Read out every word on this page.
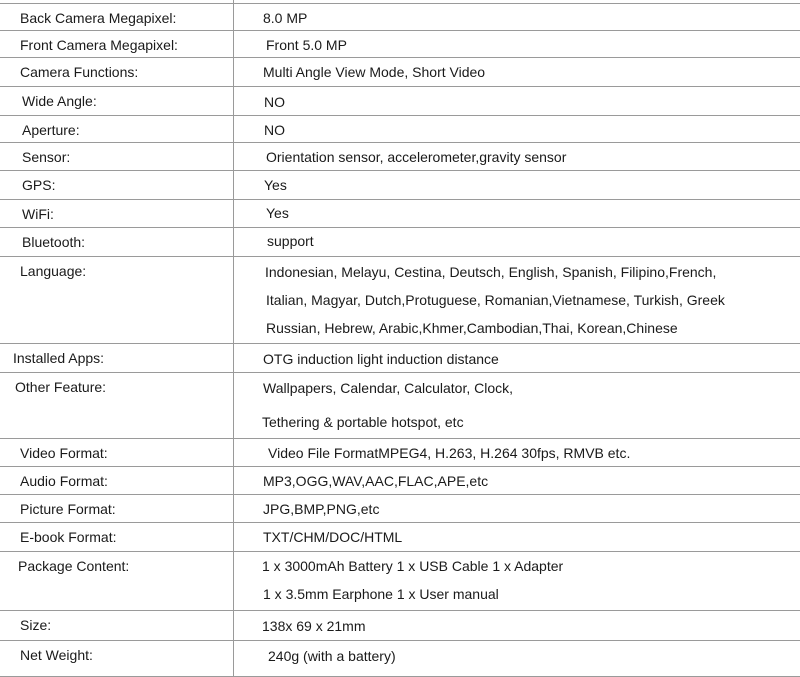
Back Camera Megapixel:	8.0 MP
Front Camera Megapixel:	Front 5.0 MP
Camera Functions:	Multi Angle View Mode, Short Video
Wide Angle:	NO
Aperture:	NO
Sensor:	Orientation sensor, accelerometer,gravity sensor
GPS:	Yes
WiFi:	Yes
Bluetooth:	support
Language:	Indonesian, Melayu, Cestina, Deutsch, English, Spanish, Filipino,French,
Italian, Magyar, Dutch,Protuguese, Romanian,Vietnamese, Turkish, Greek
Russian, Hebrew, Arabic,Khmer,Cambodian,Thai, Korean,Chinese
Installed Apps:	OTG induction light induction distance
Other Feature:	Wallpapers, Calendar, Calculator, Clock,
Tethering & portable hotspot, etc
Video Format:	Video File FormatMPEG4, H.263, H.264 30fps, RMVB etc.
Audio Format:	MP3,OGG,WAV,AAC,FLAC,APE,etc
Picture Format:	JPG,BMP,PNG,etc
E-book Format:	TXT/CHM/DOC/HTML
Package Content:	1 x 3000mAh Battery 1 x USB Cable 1 x Adapter
1 x 3.5mm Earphone 1 x User manual
Size:	138x 69 x 21mm
Net Weight:	240g (with a battery)
